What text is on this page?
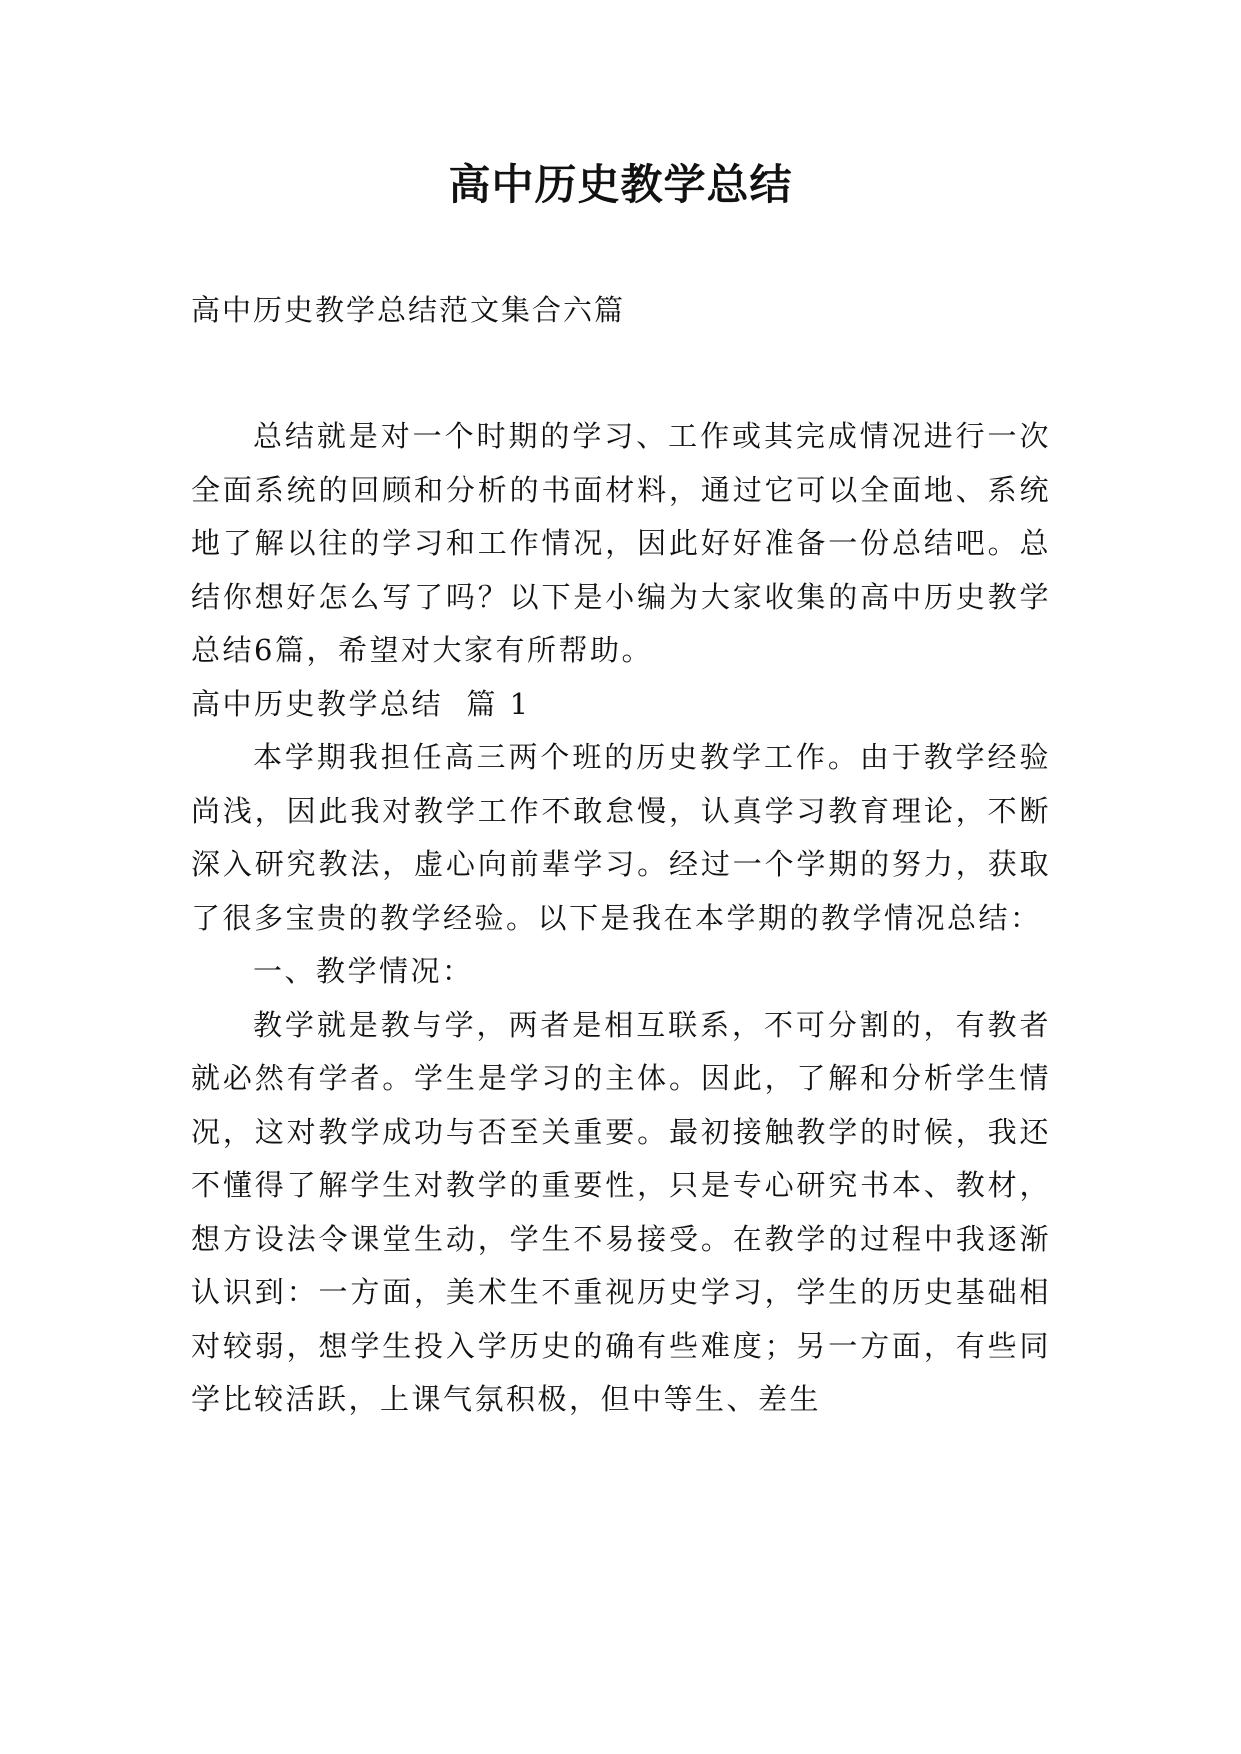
高中历史教学总结
高中历史教学总结范文集合六篇

总结就是对一个时期的学习、工作或其完成情况进行一次全面系统的回顾和分析的书面材料，通过它可以全面地、系统地了解以往的学习和工作情况，因此好好准备一份总结吧。总结你想好怎么写了吗？以下是小编为大家收集的高中历史教学总结6篇，希望对大家有所帮助。

高中历史教学总结  篇 1

本学期我担任高三两个班的历史教学工作。由于教学经验尚浅，因此我对教学工作不敢怠慢，认真学习教育理论，不断深入研究教法，虚心向前辈学习。经过一个学期的努力，获取了很多宝贵的教学经验。以下是我在本学期的教学情况总结：

一、教学情况：

教学就是教与学，两者是相互联系，不可分割的，有教者就必然有学者。学生是学习的主体。因此，了解和分析学生情况，这对教学成功与否至关重要。最初接触教学的时候，我还不懂得了解学生对教学的重要性，只是专心研究书本、教材，想方设法令课堂生动，学生不易接受。在教学的过程中我逐渐认识到：一方面，美术生不重视历史学习，学生的历史基础相对较弱，想学生投入学历史的确有些难度；另一方面，有些同学比较活跃，上课气氛积极，但中等生、差生
